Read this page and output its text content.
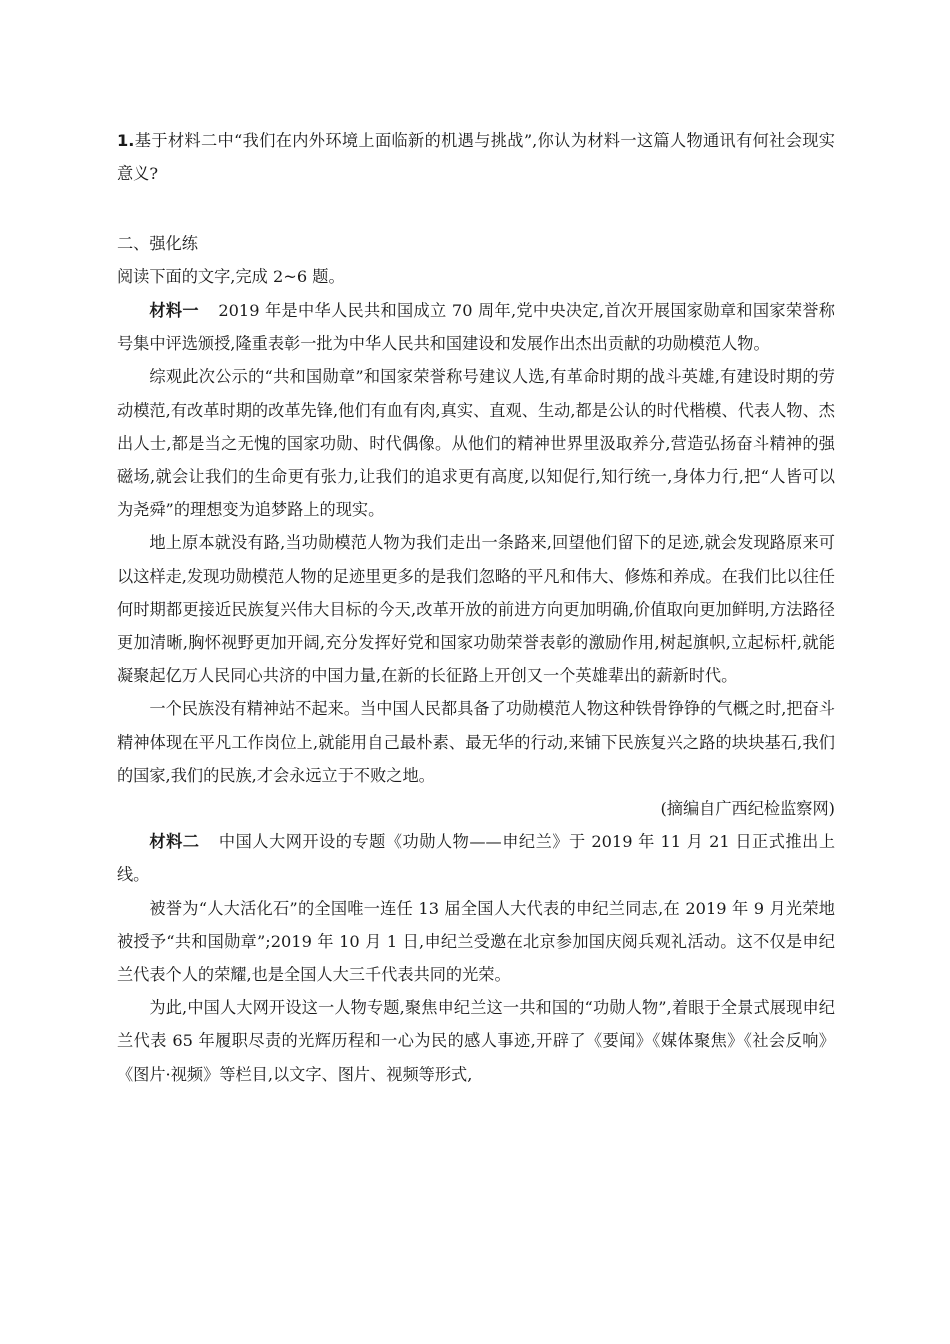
1.基于材料二中“我们在内外环境上面临新的机遇与挑战”,你认为材料一这篇人物通讯有何社会现实意义?
二、强化练
阅读下面的文字,完成 2~6 题。

材料一 2019 年是中华人民共和国成立 70 周年,党中央决定,首次开展国家勋章和国家荣誉称号集中评选颁授,隆重表彰一批为中华人民共和国建设和发展作出杰出贡献的功勋模范人物。

综观此次公示的“共和国勋章”和国家荣誉称号建议人选,有革命时期的战斗英雄,有建设时期的劳动模范,有改革时期的改革先锋,他们有血有肉,真实、直观、生动,都是公认的时代楷模、代表人物、杰出人士,都是当之无愧的国家功勋、时代偶像。从他们的精神世界里汲取养分,营造弘扬奋斗精神的强磁场,就会让我们的生命更有张力,让我们的追求更有高度,以知促行,知行统一,身体力行,把“人皆可以为尧舜”的理想变为追梦路上的现实。

地上原本就没有路,当功勋模范人物为我们走出一条路来,回望他们留下的足迹,就会发现路原来可以这样走,发现功勋模范人物的足迹里更多的是我们忽略的平凡和伟大、修炼和养成。在我们比以往任何时期都更接近民族复兴伟大目标的今天,改革开放的前进方向更加明确,价值取向更加鲜明,方法路径更加清晰,胸怀视野更加开阔,充分发挥好党和国家功勋荣誉表彰的激励作用,树起旗帜,立起标杆,就能凝聚起亿万人民同心共济的中国力量,在新的长征路上开创又一个英雄辈出的薪新时代。

一个民族没有精神站不起来。当中国人民都具备了功勋模范人物这种铁骨铮铮的气概之时,把奋斗精神体现在平凡工作岗位上,就能用自己最朴素、最无华的行动,来铺下民族复兴之路的块块基石,我们的国家,我们的民族,才会永远立于不败之地。

(摘编自广西纪检监察网)

材料二 中国人大网开设的专题《功勋人物——申纪兰》于 2019 年 11 月 21 日正式推出上线。

被誉为“人大活化石”的全国唯一连任 13 届全国人大代表的申纪兰同志,在 2019 年 9 月光荣地被授予“共和国勋章”;2019 年 10 月 1 日,申纪兰受邀在北京参加国庆阅兵观礼活动。这不仅是申纪兰代表个人的荣耀,也是全国人大三千代表共同的光荣。

为此,中国人大网开设这一人物专题,聚焦申纪兰这一共和国的“功勋人物”,着眼于全景式展现申纪兰代表 65 年履职尽责的光辉历程和一心为民的感人事迹,开辟了《要闻》《媒体聚焦》《社会反响》《图片·视频》等栏目,以文字、图片、视频等形式,
